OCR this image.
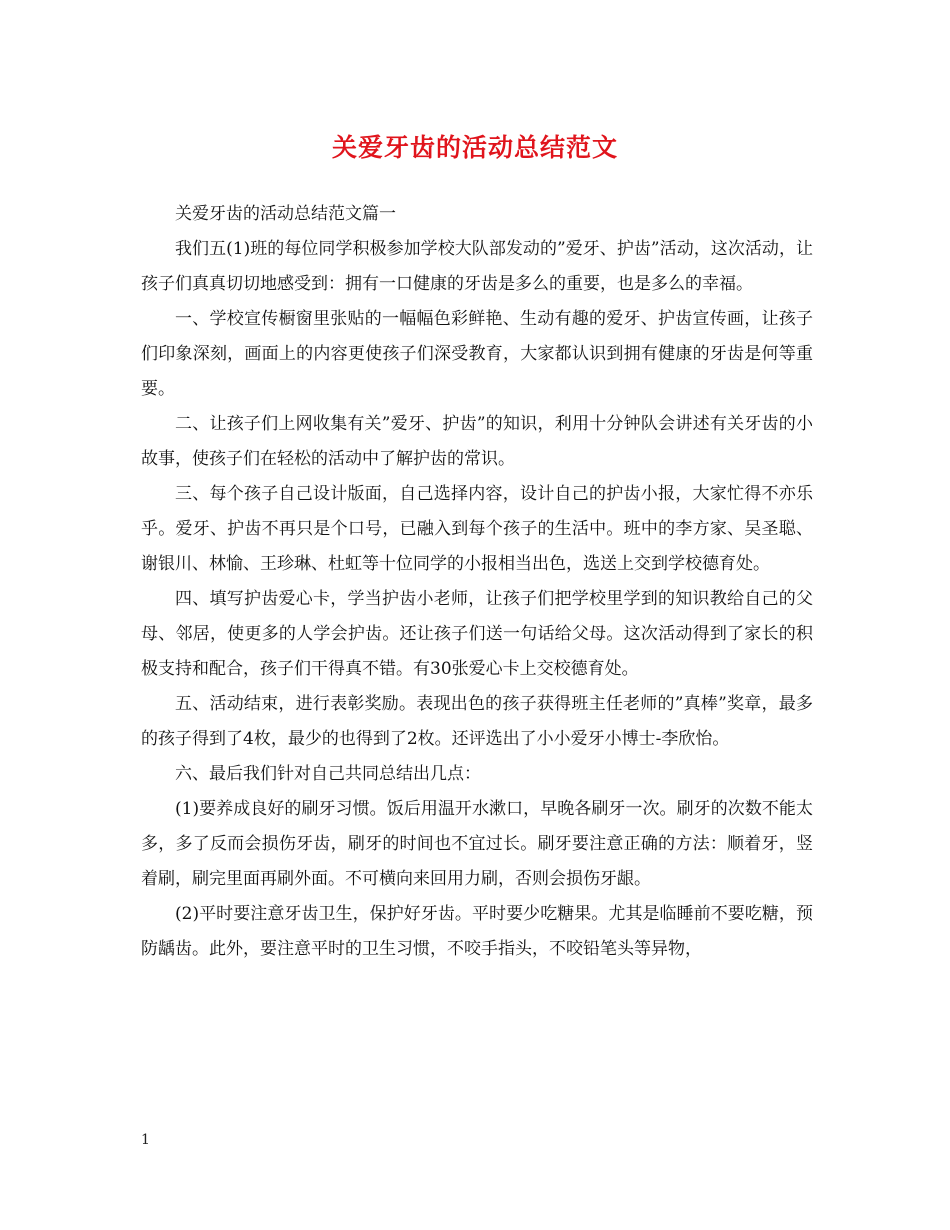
关爱牙齿的活动总结范文

关爱牙齿的活动总结范文篇一

我们五(1)班的每位同学积极参加学校大队部发动的”爱牙、护齿”活动，这次活动，让孩子们真真切切地感受到：拥有一口健康的牙齿是多么的重要，也是多么的幸福。

一、学校宣传橱窗里张贴的一幅幅色彩鲜艳、生动有趣的爱牙、护齿宣传画，让孩子们印象深刻，画面上的内容更使孩子们深受教育，大家都认识到拥有健康的牙齿是何等重要。

二、让孩子们上网收集有关”爱牙、护齿”的知识，利用十分钟队会讲述有关牙齿的小故事，使孩子们在轻松的活动中了解护齿的常识。

三、每个孩子自己设计版面，自己选择内容，设计自己的护齿小报，大家忙得不亦乐乎。爱牙、护齿不再只是个口号，已融入到每个孩子的生活中。班中的李方家、吴圣聪、谢银川、林愉、王珍琳、杜虹等十位同学的小报相当出色，选送上交到学校德育处。

四、填写护齿爱心卡，学当护齿小老师，让孩子们把学校里学到的知识教给自己的父母、邻居，使更多的人学会护齿。还让孩子们送一句话给父母。这次活动得到了家长的积极支持和配合，孩子们干得真不错。有30张爱心卡上交校德育处。

五、活动结束，进行表彰奖励。表现出色的孩子获得班主任老师的”真棒”奖章，最多的孩子得到了4枚，最少的也得到了2枚。还评选出了小小爱牙小博士-李欣怡。

六、最后我们针对自己共同总结出几点：

(1)要养成良好的刷牙习惯。饭后用温开水漱口，早晚各刷牙一次。刷牙的次数不能太多，多了反而会损伤牙齿，刷牙的时间也不宜过长。刷牙要注意正确的方法：顺着牙，竖着刷，刷完里面再刷外面。不可横向来回用力刷，否则会损伤牙龈。

(2)平时要注意牙齿卫生，保护好牙齿。平时要少吃糖果。尤其是临睡前不要吃糖，预防龋齿。此外，要注意平时的卫生习惯，不咬手指头，不咬铅笔头等异物，

1
